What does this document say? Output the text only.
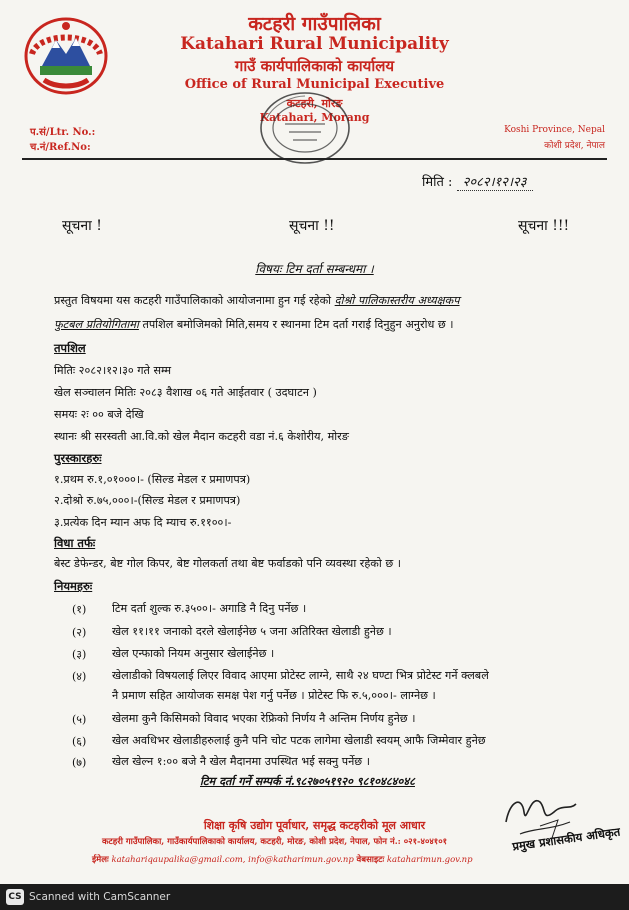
कटहरी गाउँपालिका
Katahari Rural Municipality
गाउँ कार्यपालिकाको कार्यालय
Office of Rural Municipal Executive
कटहरी, मोरङ
Katahari, Morang
प.सं/Ltr. No.:
च.नं/Ref.No:
Koshi Province, Nepal
कोशी प्रदेश, नेपाल
मिति : २०८२।१२।२३
सूचना !	सूचना !!	सूचना !!!
विषयः टिम दर्ता सम्बन्धमा ।
प्रस्तुत विषयमा यस कटहरी गाउँपालिकाको आयोजनामा हुन गई रहेको दोश्रो पालिकास्तरीय अध्यक्षकप
फुटबल प्रतियोगितामा तपशिल बमोजिमको मिति,समय र स्थानमा टिम दर्ता गराई दिनुहुन अनुरोध छ ।
तपशिल
मितिः २०८२।१२।३० गते सम्म
खेल सञ्चालन मितिः २०८३ वैशाख ०६ गते आईतवार ( उदघाटन )
समयः २ः ०० बजे देखि
स्थानः श्री सरस्वती आ.वि.को खेल मैदान कटहरी वडा नं.६ केशोरीय, मोरङ
पुरस्कारहरुः
१.प्रथम रु.१,०१०००।- (सिल्ड मेडल र प्रमाणपत्र)
२.दोश्रो रु.७५,०००।-(सिल्ड मेडल र प्रमाणपत्र)
३.प्रत्येक दिन म्यान अफ दि म्याच रु.११००।-
विधा तर्फः
बेस्ट डेफेन्डर, बेष्ट गोल किपर, बेष्ट गोलकर्ता तथा बेष्ट फर्वाडको पनि व्यवस्था रहेको छ ।
नियमहरुः
(१) टिम दर्ता शुल्क रु.३५००।- अगाडि नै दिनु पर्नेछ ।
(२) खेल ११।११ जनाको दरले खेलाईनेछ ५ जना अतिरिक्त खेलाडी हुनेछ ।
(३) खेल एन्फाको नियम अनुसार खेलाईनेछ ।
(४) खेलाडीको विषयलाई लिएर विवाद आएमा प्रोटेस्ट लाग्ने, साथै २४ घण्टा भित्र प्रोटेस्ट गर्ने क्लबले
नै प्रमाण सहित आयोजक समक्ष पेश गर्नु पर्नेछ । प्रोटेस्ट फि रु.५,०००।- लाग्नेछ ।
(५) खेलमा कुनै किसिमको विवाद भएका रेफ्रिको निर्णय नै अन्तिम निर्णय हुनेछ ।
(६) खेल अवधिभर खेलाडीहरुलाई कुनै पनि चोट पटक लागेमा खेलाडी स्वयम् आफै जिम्मेवार हुनेछ
(७) खेल खेल्न १:०० बजे नै खेल मैदानमा उपस्थित भई सक्नु पर्नेछ ।
टिम दर्ता गर्ने सम्पर्क नं.९८२७०५१९२० ९८१०४८४०४८
प्रमुख प्रशासकीय अधिकृत
शिक्षा कृषि उद्योग पूर्वाधार, समृद्ध कटहरीको मूल आधार
कटहरी गाउँपालिका, गाउँकार्यपालिकाको कार्यालय, कटहरी, मोरङ, कोशी प्रदेश, नेपाल, फोन नं.: ०२१-४०४१०१
ईमेलः katahariqaupalika@gmail.com, info@katharimun.gov.np वेबसाइटः kataharimun.gov.np
CS Scanned with CamScanner
